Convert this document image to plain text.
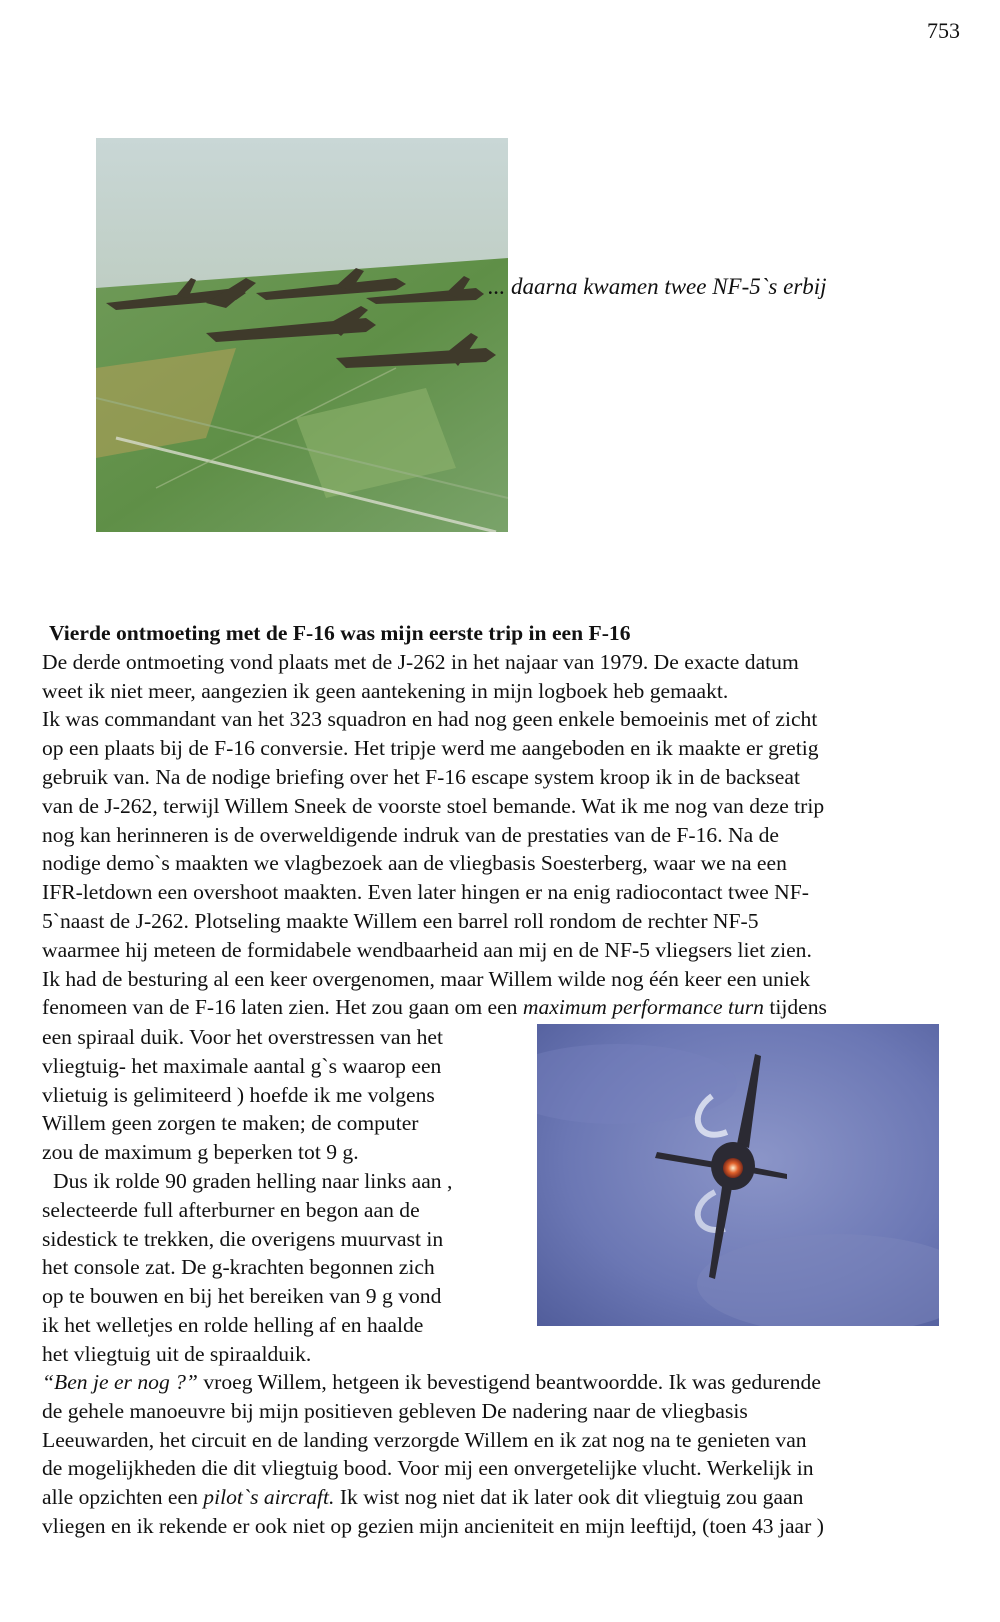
753
... daarna kwamen twee NF-5`s erbij
Vierde ontmoeting met de F-16 was mijn eerste trip in een F-16
De derde ontmoeting vond plaats met de J-262 in het najaar van 1979. De exacte datum
weet ik niet meer, aangezien ik geen aantekening in mijn logboek heb gemaakt.
Ik was commandant van het 323 squadron en had nog geen enkele bemoeinis met of zicht
op een plaats bij de F-16 conversie. Het tripje werd me aangeboden en ik maakte er gretig
gebruik van. Na de nodige briefing over het F-16 escape system kroop ik in de backseat
van de J-262, terwijl Willem Sneek de voorste stoel bemande. Wat ik me nog van deze trip
nog kan herinneren is de overweldigende indruk van de prestaties van de F-16. Na de
nodige demo`s maakten we vlagbezoek aan de vliegbasis Soesterberg, waar we na een
IFR-letdown een overshoot maakten. Even later hingen er na enig radiocontact twee NF-
5`naast de J-262. Plotseling maakte Willem een barrel roll rondom de rechter NF-5
waarmee hij meteen de formidabele wendbaarheid aan mij en de NF-5 vliegsers liet zien.
Ik had de besturing al een keer overgenomen, maar Willem wilde nog één keer een uniek
fenomeen van de F-16 laten zien. Het zou gaan om een maximum performance turn tijdens
een spiraal duik. Voor het overstressen van het
vliegtuig- het maximale aantal g`s waarop een
vlietuig is gelimiteerd ) hoefde ik me volgens
Willem geen zorgen te maken; de computer
zou de maximum g beperken tot 9 g.
Dus ik rolde 90 graden helling naar links aan ,
selecteerde full afterburner en begon aan de
sidestick te trekken, die overigens muurvast in
het console zat. De g-krachten begonnen zich
op te bouwen en bij het bereiken van 9 g vond
ik het welletjes en rolde helling af en haalde
het vliegtuig uit de spiraalduik.
“Ben je er nog ?” vroeg Willem, hetgeen ik bevestigend beantwoordde. Ik was gedurende
de gehele manoeuvre bij mijn positieven gebleven De nadering naar de vliegbasis
Leeuwarden, het circuit en de landing verzorgde Willem en ik zat nog na te genieten van
de mogelijkheden die dit vliegtuig bood. Voor mij een onvergetelijke vlucht. Werkelijk in
alle opzichten een pilot`s aircraft. Ik wist nog niet dat ik later ook dit vliegtuig zou gaan
vliegen en ik rekende er ook niet op gezien mijn ancieniteit en mijn leeftijd, (toen 43 jaar )
